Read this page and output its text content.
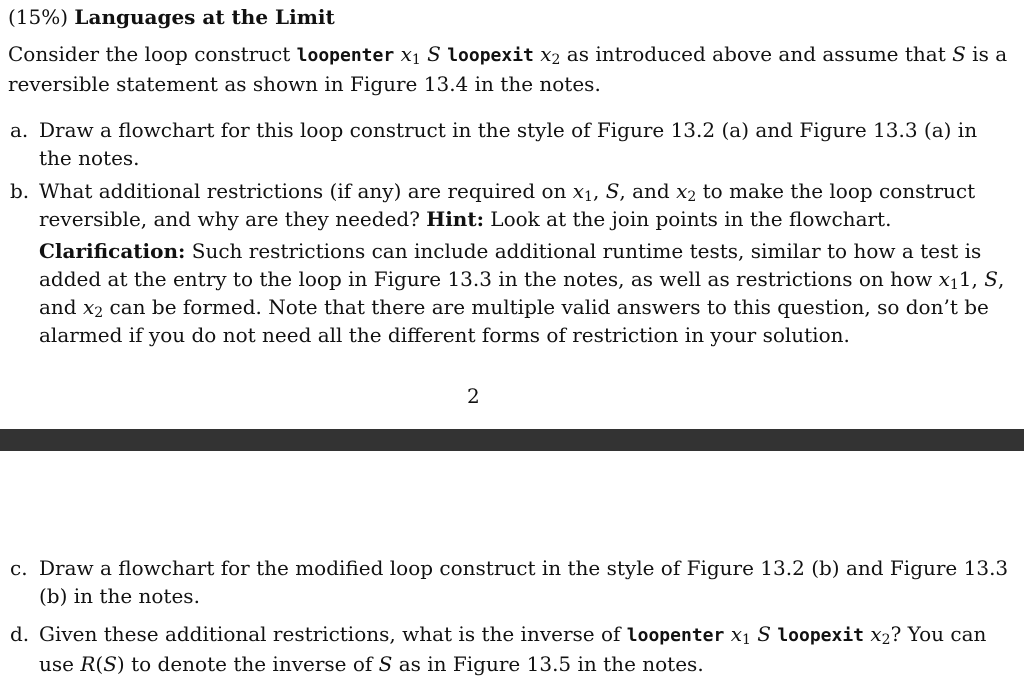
(15%) Languages at the Limit
Consider the loop construct loopenter $x_1$ S loopexit $x_2$ as introduced above and assume that S is a reversible statement as shown in Figure 13.4 in the notes.
a. Draw a flowchart for this loop construct in the style of Figure 13.2 (a) and Figure 13.3 (a) in the notes.
b. What additional restrictions (if any) are required on $x_1$, S, and $x_2$ to make the loop construct reversible, and why are they needed? Hint: Look at the join points in the flowchart.
Clarification: Such restrictions can include additional runtime tests, similar to how a test is added at the entry to the loop in Figure 13.3 in the notes, as well as restrictions on how $x_11$, S, and $x_2$ can be formed. Note that there are multiple valid answers to this question, so don’t be alarmed if you do not need all the different forms of restriction in your solution.
2
c. Draw a flowchart for the modified loop construct in the style of Figure 13.2 (b) and Figure 13.3 (b) in the notes.
d. Given these additional restrictions, what is the inverse of loopenter $x_1$ S loopexit $x_2$? You can use R(S) to denote the inverse of S as in Figure 13.5 in the notes.
